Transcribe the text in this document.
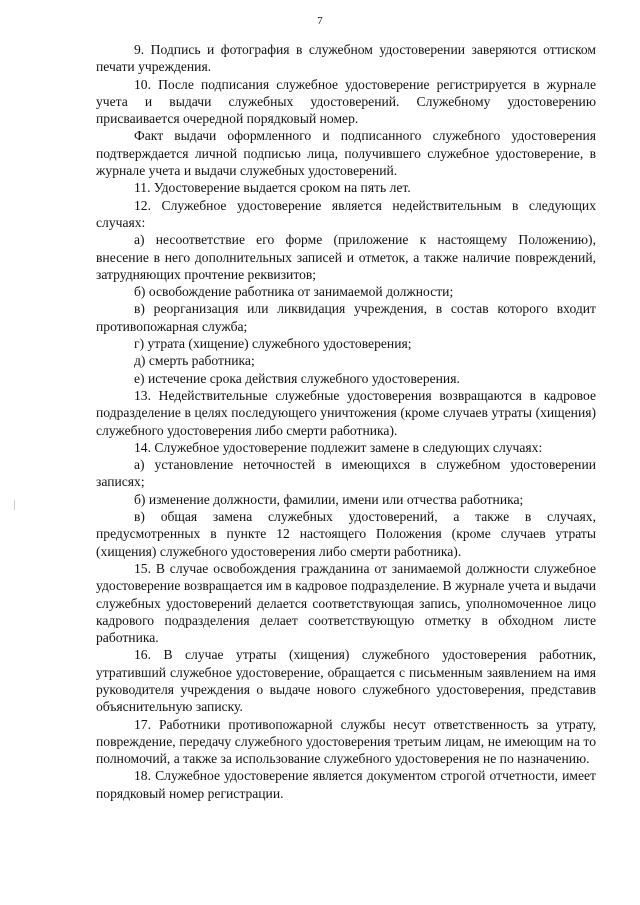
7

9. Подпись и фотография в служебном удостоверении заверяются оттиском печати учреждения.

10. После подписания служебное удостоверение регистрируется в журнале учета и выдачи служебных удостоверений. Служебному удостоверению присваивается очередной порядковый номер.

Факт выдачи оформленного и подписанного служебного удостоверения подтверждается личной подписью лица, получившего служебное удостоверение, в журнале учета и выдачи служебных удостоверений.

11. Удостоверение выдается сроком на пять лет.

12. Служебное удостоверение является недействительным в следующих случаях:

а) несоответствие его форме (приложение к настоящему Положению), внесение в него дополнительных записей и отметок, а также наличие повреждений, затрудняющих прочтение реквизитов;

б) освобождение работника от занимаемой должности;

в) реорганизация или ликвидация учреждения, в состав которого входит противопожарная служба;

г) утрата (хищение) служебного удостоверения;

д) смерть работника;

е) истечение срока действия служебного удостоверения.

13. Недействительные служебные удостоверения возвращаются в кадровое подразделение в целях последующего уничтожения (кроме случаев утраты (хищения) служебного удостоверения либо смерти работника).

14. Служебное удостоверение подлежит замене в следующих случаях:

а) установление неточностей в имеющихся в служебном удостоверении записях;

б) изменение должности, фамилии, имени или отчества работника;

в) общая замена служебных удостоверений, а также в случаях, предусмотренных в пункте 12 настоящего Положения (кроме случаев утраты (хищения) служебного удостоверения либо смерти работника).

15. В случае освобождения гражданина от занимаемой должности служебное удостоверение возвращается им в кадровое подразделение. В журнале учета и выдачи служебных удостоверений делается соответствующая запись, уполномоченное лицо кадрового подразделения делает соответствующую отметку в обходном листе работника.

16. В случае утраты (хищения) служебного удостоверения работник, утративший служебное удостоверение, обращается с письменным заявлением на имя руководителя учреждения о выдаче нового служебного удостоверения, представив объяснительную записку.

17. Работники противопожарной службы несут ответственность за утрату, повреждение, передачу служебного удостоверения третьим лицам, не имеющим на то полномочий, а также за использование служебного удостоверения не по назначению.

18. Служебное удостоверение является документом строгой отчетности, имеет порядковый номер регистрации.

‾‾‾‾‾‾‾‾‾‾‾‾‾‾‾‾‾‾‾‾‾‾‾‾‾‾‾‾‾‾‾‾‾‾‾‾‾‾‾‾‾‾‾‾‾‾‾
